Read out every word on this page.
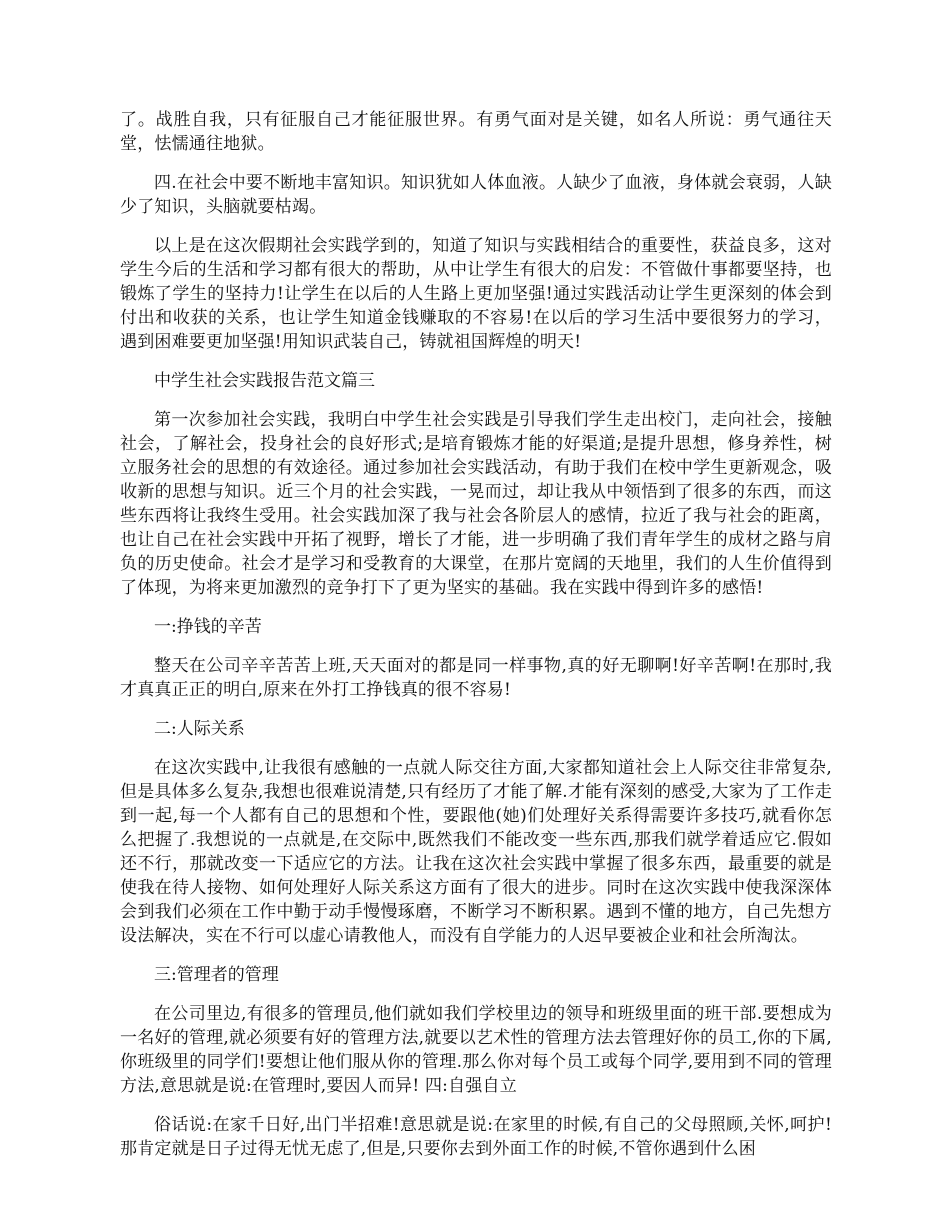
了。战胜自我，只有征服自己才能征服世界。有勇气面对是关键，如名人所说：勇气通往天堂，怯懦通往地狱。

四.在社会中要不断地丰富知识。知识犹如人体血液。人缺少了血液，身体就会衰弱，人缺少了知识，头脑就要枯竭。

以上是在这次假期社会实践学到的，知道了知识与实践相结合的重要性，获益良多，这对学生今后的生活和学习都有很大的帮助，从中让学生有很大的启发：不管做什事都要坚持，也锻炼了学生的坚持力!让学生在以后的人生路上更加坚强!通过实践活动让学生更深刻的体会到付出和收获的关系，也让学生知道金钱赚取的不容易!在以后的学习生活中要很努力的学习，遇到困难要更加坚强!用知识武装自己，铸就祖国辉煌的明天!

中学生社会实践报告范文篇三

第一次参加社会实践，我明白中学生社会实践是引导我们学生走出校门，走向社会，接触社会，了解社会，投身社会的良好形式;是培育锻炼才能的好渠道;是提升思想，修身养性，树立服务社会的思想的有效途径。通过参加社会实践活动，有助于我们在校中学生更新观念，吸收新的思想与知识。近三个月的社会实践，一晃而过，却让我从中领悟到了很多的东西，而这些东西将让我终生受用。社会实践加深了我与社会各阶层人的感情，拉近了我与社会的距离，也让自己在社会实践中开拓了视野，增长了才能，进一步明确了我们青年学生的成材之路与肩负的历史使命。社会才是学习和受教育的大课堂，在那片宽阔的天地里，我们的人生价值得到了体现，为将来更加激烈的竞争打下了更为坚实的基础。我在实践中得到许多的感悟!

一:挣钱的辛苦

整天在公司辛辛苦苦上班,天天面对的都是同一样事物,真的好无聊啊!好辛苦啊!在那时,我才真真正正的明白,原来在外打工挣钱真的很不容易!

二:人际关系

在这次实践中,让我很有感触的一点就人际交往方面,大家都知道社会上人际交往非常复杂,但是具体多么复杂,我想也很难说清楚,只有经历了才能了解.才能有深刻的感受,大家为了工作走到一起,每一个人都有自己的思想和个性，要跟他(她)们处理好关系得需要许多技巧,就看你怎么把握了.我想说的一点就是,在交际中,既然我们不能改变一些东西,那我们就学着适应它.假如还不行，那就改变一下适应它的方法。让我在这次社会实践中掌握了很多东西，最重要的就是使我在待人接物、如何处理好人际关系这方面有了很大的进步。同时在这次实践中使我深深体会到我们必须在工作中勤于动手慢慢琢磨，不断学习不断积累。遇到不懂的地方，自己先想方设法解决，实在不行可以虚心请教他人，而没有自学能力的人迟早要被企业和社会所淘汰。

三:管理者的管理

在公司里边,有很多的管理员,他们就如我们学校里边的领导和班级里面的班干部.要想成为一名好的管理,就必须要有好的管理方法,就要以艺术性的管理方法去管理好你的员工,你的下属,你班级里的同学们!要想让他们服从你的管理.那么你对每个员工或每个同学,要用到不同的管理方法,意思就是说:在管理时,要因人而异! 四:自强自立

俗话说:在家千日好,出门半招难!意思就是说:在家里的时候,有自己的父母照顾,关怀,呵护!那肯定就是日子过得无忧无虑了,但是,只要你去到外面工作的时候,不管你遇到什么困
